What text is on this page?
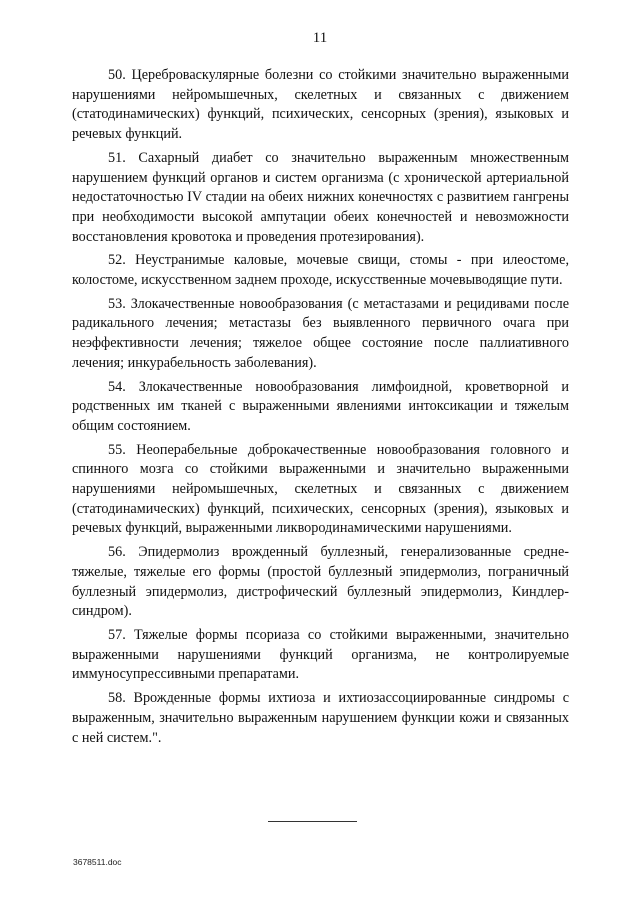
11

50. Цереброваскулярные болезни со стойкими значительно выраженными нарушениями нейромышечных, скелетных и связанных с движением (статодинамических) функций, психических, сенсорных (зрения), языковых и речевых функций.

51. Сахарный диабет со значительно выраженным множественным нарушением функций органов и систем организма (с хронической артериальной недостаточностью IV стадии на обеих нижних конечностях с развитием гангрены при необходимости высокой ампутации обеих конечностей и невозможности восстановления кровотока и проведения протезирования).

52. Неустранимые каловые, мочевые свищи, стомы - при илеостоме, колостоме, искусственном заднем проходе, искусственные мочевыводящие пути.

53. Злокачественные новообразования (с метастазами и рецидивами после радикального лечения; метастазы без выявленного первичного очага при неэффективности лечения; тяжелое общее состояние после паллиативного лечения; инкурабельность заболевания).

54. Злокачественные новообразования лимфоидной, кроветворной и родственных им тканей с выраженными явлениями интоксикации и тяжелым общим состоянием.

55. Неоперабельные доброкачественные новообразования головного и спинного мозга со стойкими выраженными и значительно выраженными нарушениями нейромышечных, скелетных и связанных с движением (статодинамических) функций, психических, сенсорных (зрения), языковых и речевых функций, выраженными ликвородинамическими нарушениями.

56. Эпидермолиз врожденный буллезный, генерализованные средне-тяжелые, тяжелые его формы (простой буллезный эпидермолиз, пограничный буллезный эпидермолиз, дистрофический буллезный эпидермолиз, Киндлер-синдром).

57. Тяжелые формы псориаза со стойкими выраженными, значительно выраженными нарушениями функций организма, не контролируемые иммуносупрессивными препаратами.

58. Врожденные формы ихтиоза и ихтиозассоциированные синдромы с выраженным, значительно выраженным нарушением функции кожи и связанных с ней систем.".

3678511.doc
